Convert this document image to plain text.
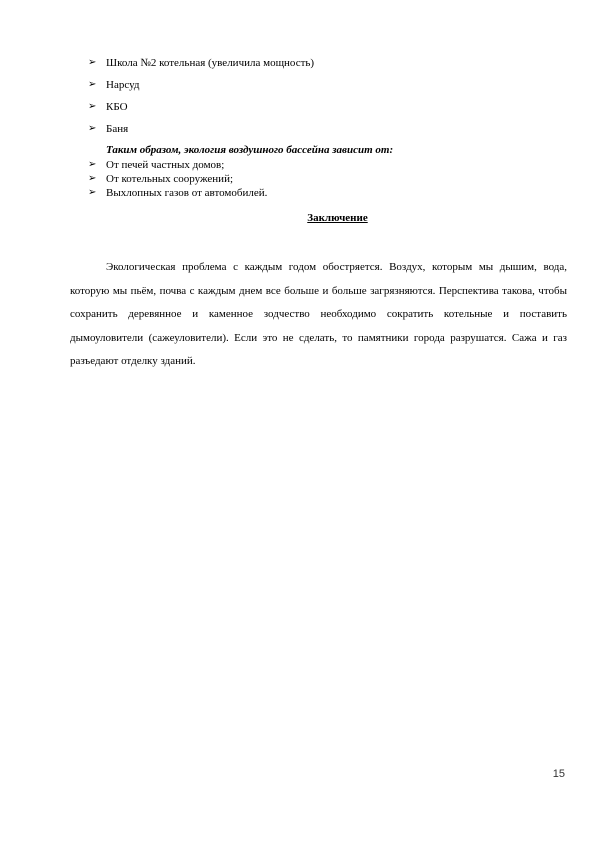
➢ Школа №2 котельная (увеличила мощность)
➢ Нарсуд
➢ КБО
➢ Баня
Таким образом, экология воздушного бассейна зависит от:
➢ От печей частных домов;
➢ От котельных сооружений;
➢ Выхлопных газов от автомобилей.
Заключение

Экологическая проблема с каждым годом обостряется. Воздух, которым мы дышим, вода, которую мы пьём, почва с каждым днем все больше и больше загрязняются. Перспектива такова, чтобы сохранить деревянное и каменное зодчество необходимо сократить котельные и поставить дымоуловители (сажеуловители). Если это не сделать, то памятники города разрушатся. Сажа и газ разъедают отделку зданий.

15
